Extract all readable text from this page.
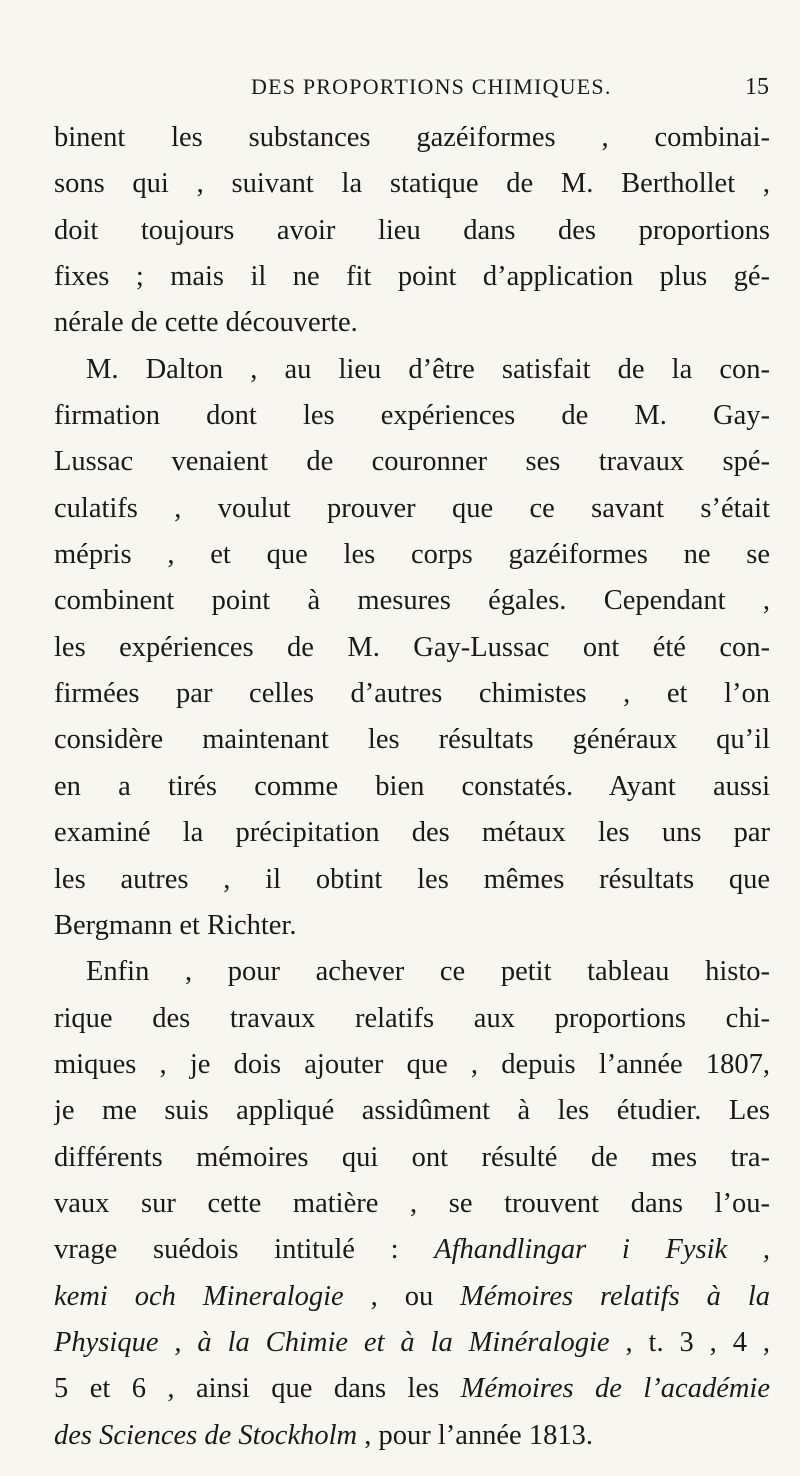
DES PROPORTIONS CHIMIQUES.	15
binent les substances gazéiformes , combinai-
sons qui , suivant la statique de M. Berthollet ,
doit toujours avoir lieu dans des proportions
fixes ; mais il ne fit point d’application plus gé-
nérale de cette découverte.
M. Dalton , au lieu d’être satisfait de la con-
firmation dont les expériences de M. Gay-
Lussac venaient de couronner ses travaux spé-
culatifs , voulut prouver que ce savant s’était
mépris , et que les corps gazéiformes ne se
combinent point à mesures égales. Cependant ,
les expériences de M. Gay-Lussac ont été con-
firmées par celles d’autres chimistes , et l’on
considère maintenant les résultats généraux qu’il
en a tirés comme bien constatés. Ayant aussi
examiné la précipitation des métaux les uns par
les autres , il obtint les mêmes résultats que
Bergmann et Richter.
Enfin , pour achever ce petit tableau histo-
rique des travaux relatifs aux proportions chi-
miques , je dois ajouter que , depuis l’année 1807,
je me suis appliqué assidûment à les étudier. Les
différents mémoires qui ont résulté de mes tra-
vaux sur cette matière , se trouvent dans l’ou-
vrage suédois intitulé : Afhandlingar i Fysik ,
kemi och Mineralogie , ou Mémoires relatifs à la
Physique , à la Chimie et à la Minéralogie , t. 3 , 4 ,
5 et 6 , ainsi que dans les Mémoires de l’académie
des Sciences de Stockholm , pour l’année 1813.
